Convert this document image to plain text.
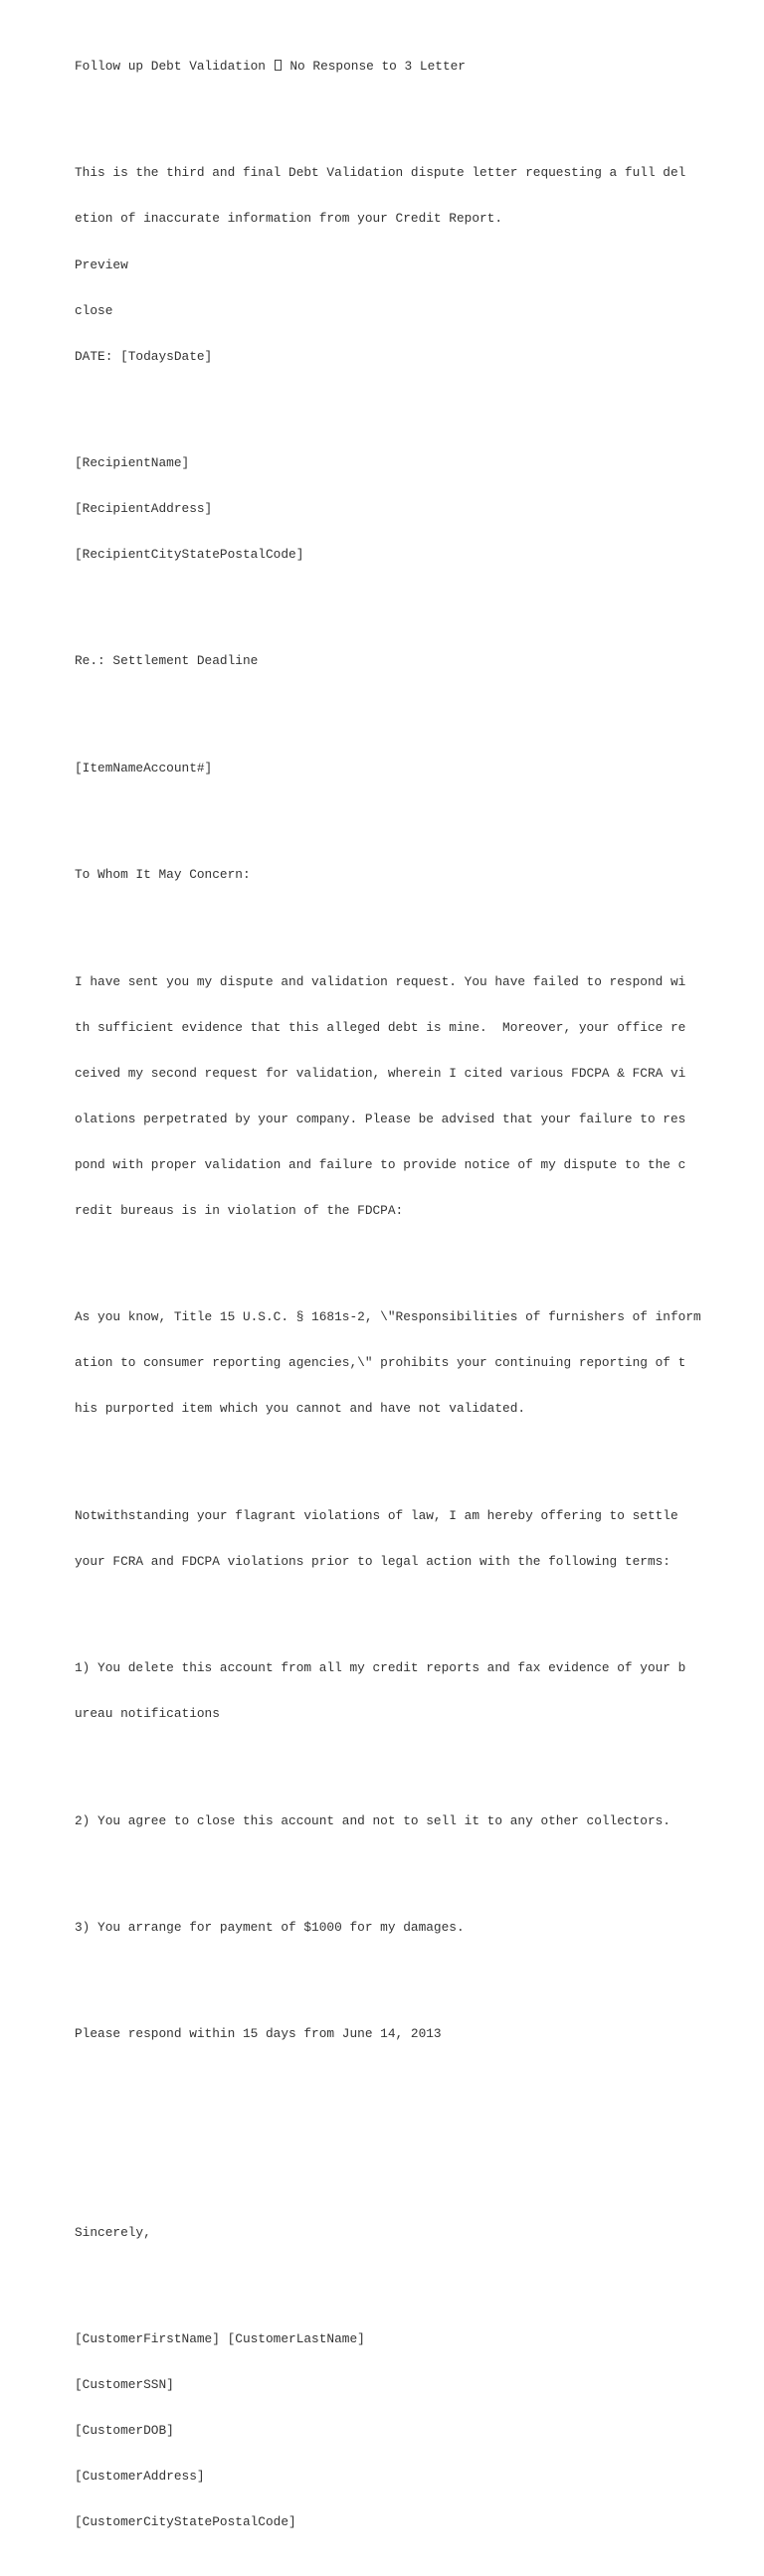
Follow up Debt Validation  No Response to 3 Letter

This is the third and final Debt Validation dispute letter requesting a full del

etion of inaccurate information from your Credit Report.

Preview

close

DATE: [TodaysDate]

[RecipientName]

[RecipientAddress]

[RecipientCityStatePostalCode]

Re.: Settlement Deadline

[ItemNameAccount#]

To Whom It May Concern:

I have sent you my dispute and validation request. You have failed to respond wi

th sufficient evidence that this alleged debt is mine.  Moreover, your office re

ceived my second request for validation, wherein I cited various FDCPA & FCRA vi

olations perpetrated by your company. Please be advised that your failure to res

pond with proper validation and failure to provide notice of my dispute to the c

redit bureaus is in violation of the FDCPA:

As you know, Title 15 U.S.C. § 1681s-2, \"Responsibilities of furnishers of inform

ation to consumer reporting agencies,\" prohibits your continuing reporting of t

his purported item which you cannot and have not validated.

Notwithstanding your flagrant violations of law, I am hereby offering to settle

your FCRA and FDCPA violations prior to legal action with the following terms:

1) You delete this account from all my credit reports and fax evidence of your b

ureau notifications

2) You agree to close this account and not to sell it to any other collectors.

3) You arrange for payment of $1000 for my damages.

Please respond within 15 days from June 14, 2013

Sincerely,

[CustomerFirstName] [CustomerLastName]

[CustomerSSN]

[CustomerDOB]

[CustomerAddress]

[CustomerCityStatePostalCode]
